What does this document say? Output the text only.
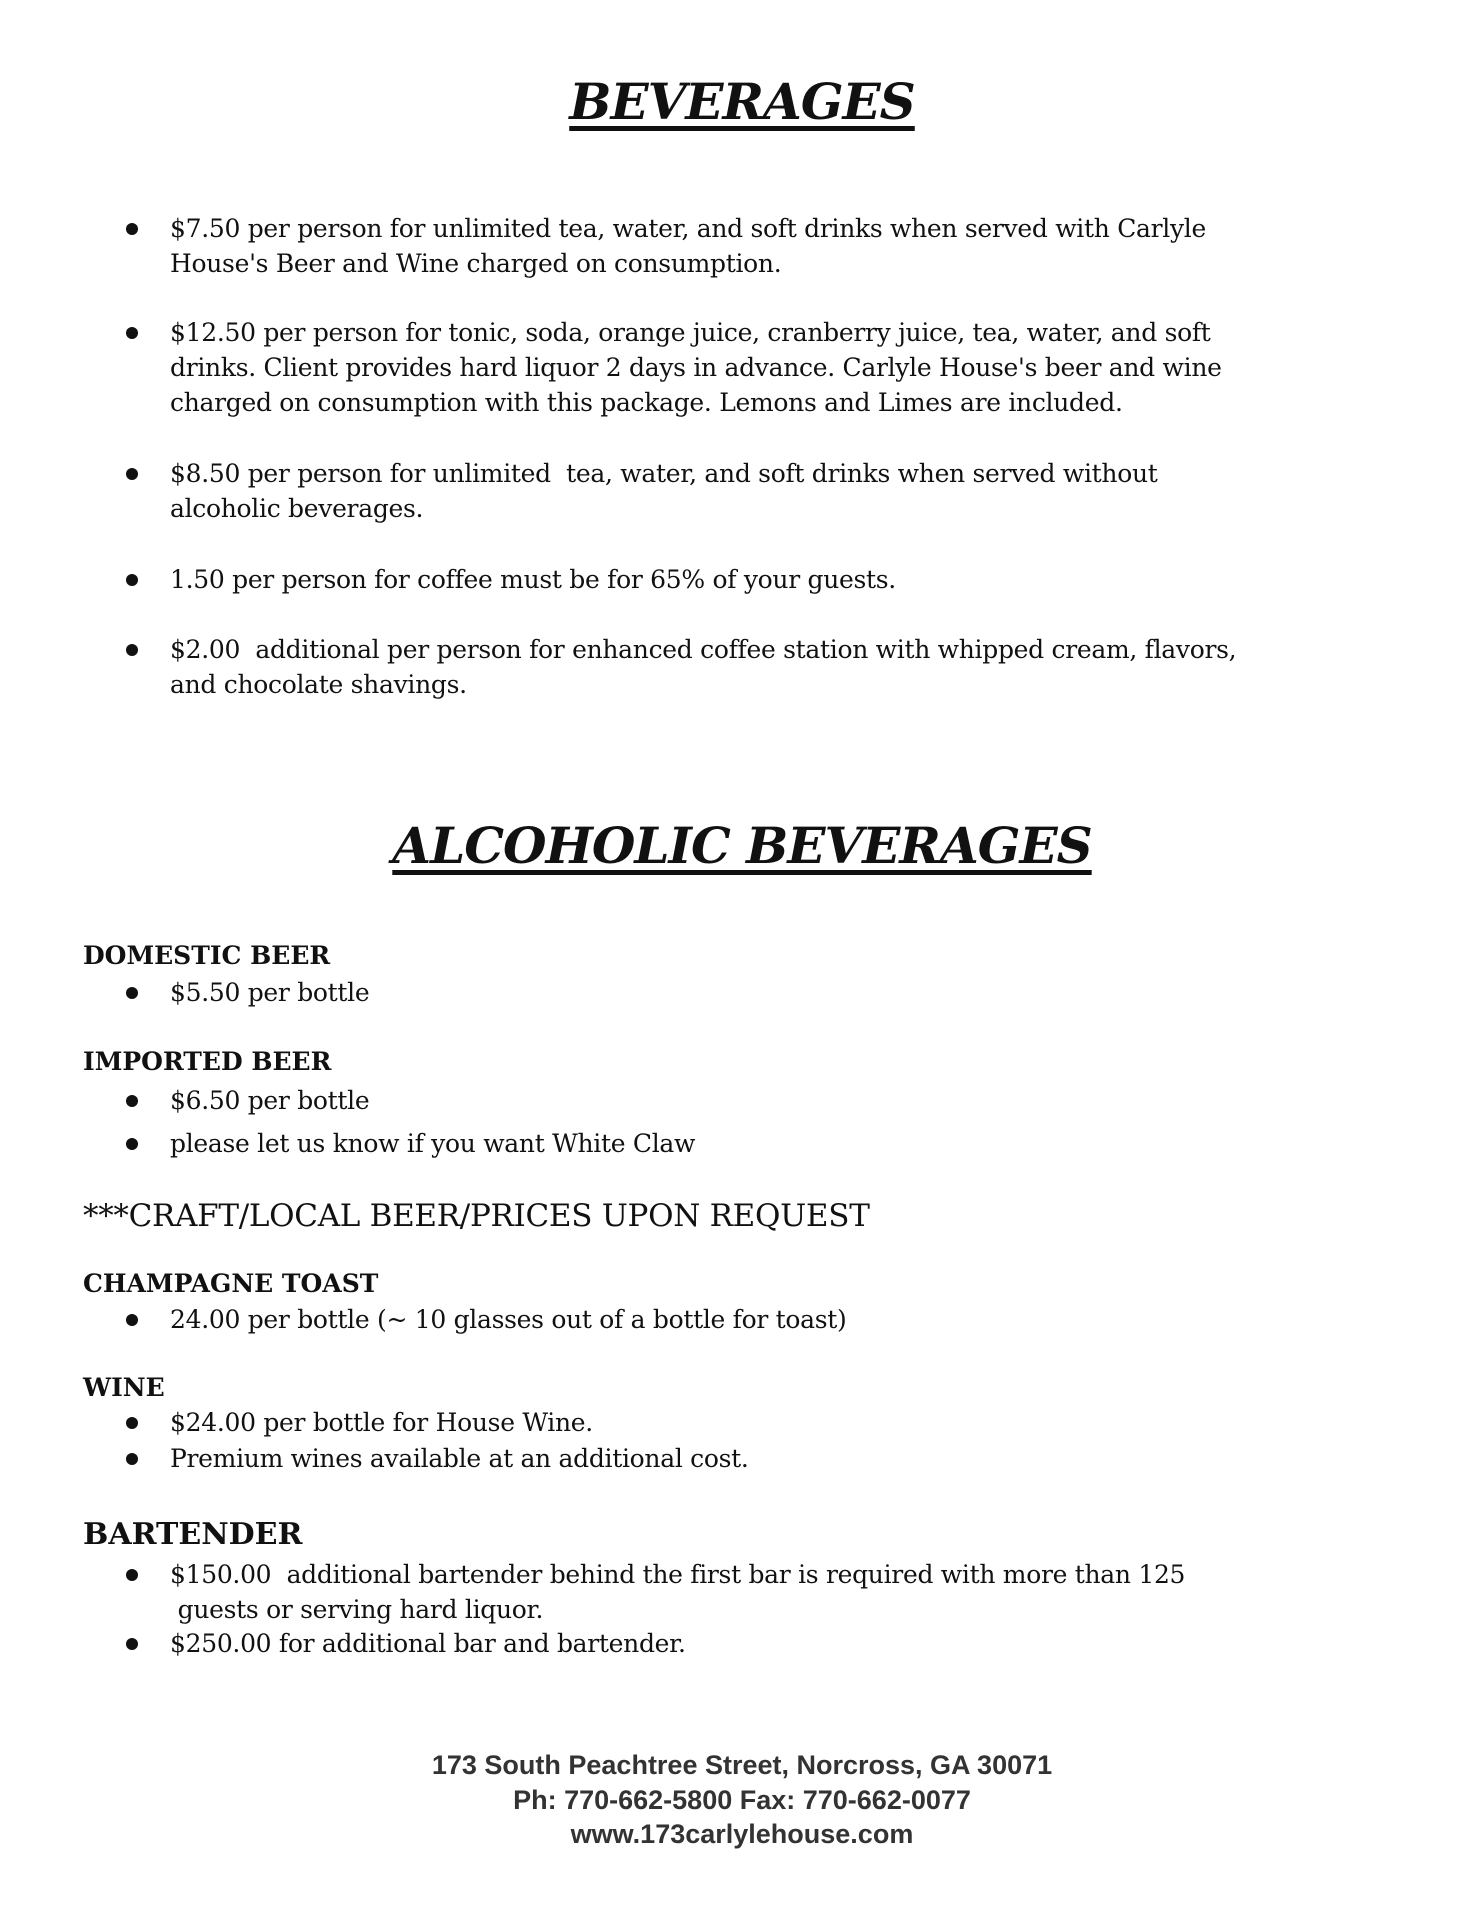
BEVERAGES
$7.50 per person for unlimited tea, water, and soft drinks when served with Carlyle
House's Beer and Wine charged on consumption.
$12.50 per person for tonic, soda, orange juice, cranberry juice, tea, water, and soft
drinks. Client provides hard liquor 2 days in advance. Carlyle House's beer and wine
charged on consumption with this package. Lemons and Limes are included.
$8.50 per person for unlimited  tea, water, and soft drinks when served without
alcoholic beverages.
1.50 per person for coffee must be for 65% of your guests.
$2.00  additional per person for enhanced coffee station with whipped cream, flavors,
and chocolate shavings.
ALCOHOLIC BEVERAGES
DOMESTIC BEER
$5.50 per bottle
IMPORTED BEER
$6.50 per bottle
please let us know if you want White Claw
***CRAFT/LOCAL BEER/PRICES UPON REQUEST
CHAMPAGNE TOAST
24.00 per bottle (~ 10 glasses out of a bottle for toast)
WINE
$24.00 per bottle for House Wine.
Premium wines available at an additional cost.
BARTENDER
$150.00  additional bartender behind the first bar is required with more than 125
guests or serving hard liquor.
$250.00 for additional bar and bartender.
173 South Peachtree Street, Norcross, GA 30071
Ph: 770-662-5800 Fax: 770-662-0077
www.173carlylehouse.com
